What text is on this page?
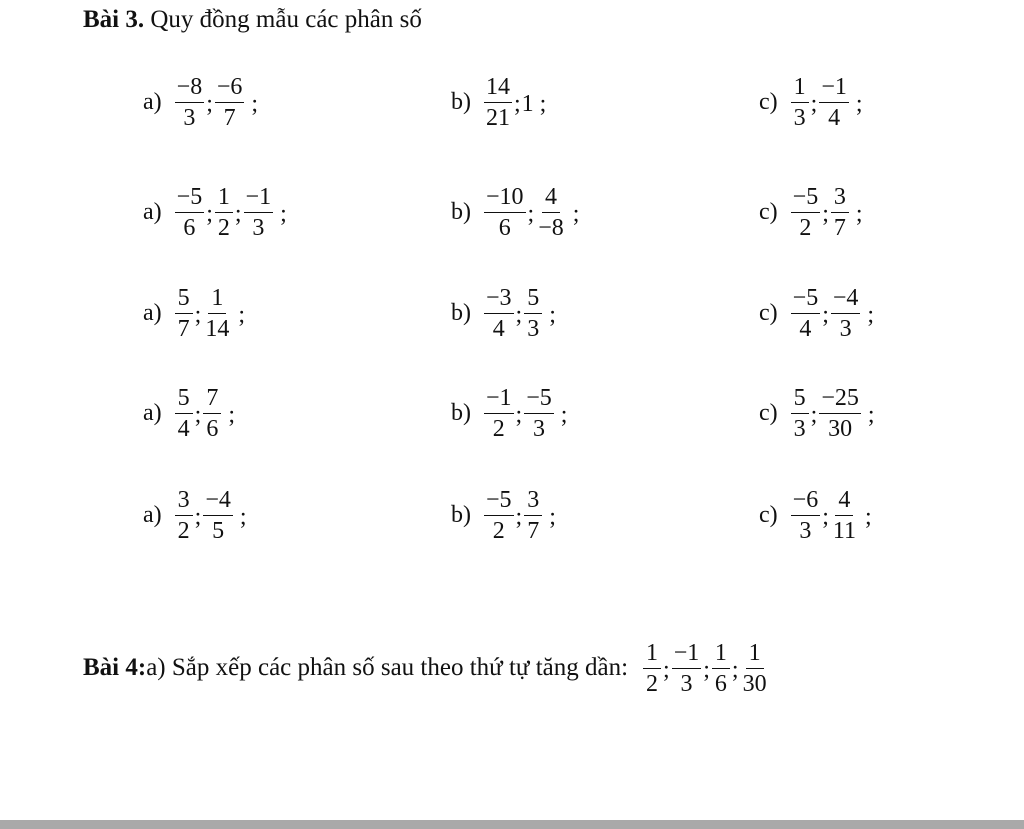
Bài 3. Quy đồng mẫu các phân số
$a) \frac{-8}{3}$ ; $\frac{-6}{7}$ ;	$b) \frac{14}{21}$ ; 1 ;	$c) \frac{1}{3}$ ; $\frac{-1}{4}$ ;
$a) \frac{-5}{6}$ ; $\frac{1}{2}$ ; $\frac{-1}{3}$ ;	$b) \frac{-10}{6}$ ; $\frac{4}{-8}$ ;	$c) \frac{-5}{2}$ ; $\frac{3}{7}$ ;
$a) \frac{5}{7}$ ; $\frac{1}{14}$ ;	$b) \frac{-3}{4}$ ; $\frac{5}{3}$ ;	$c) \frac{-5}{4}$ ; $\frac{-4}{3}$ ;
$a) \frac{5}{4}$ ; $\frac{7}{6}$ ;	$b) \frac{-1}{2}$ ; $\frac{-5}{3}$ ;	$c) \frac{5}{3}$ ; $\frac{-25}{30}$ ;
$a) \frac{3}{2}$ ; $\frac{-4}{5}$ ;	$b) \frac{-5}{2}$ ; $\frac{3}{7}$ ;	$c) \frac{-6}{3}$ ; $\frac{4}{11}$ ;
Bài 4: a) Sắp xếp các phân số sau theo thứ tự tăng dần: $\frac{1}{2}$ ; $\frac{-1}{3}$ ; $\frac{1}{6}$ ; $\frac{1}{30}$
